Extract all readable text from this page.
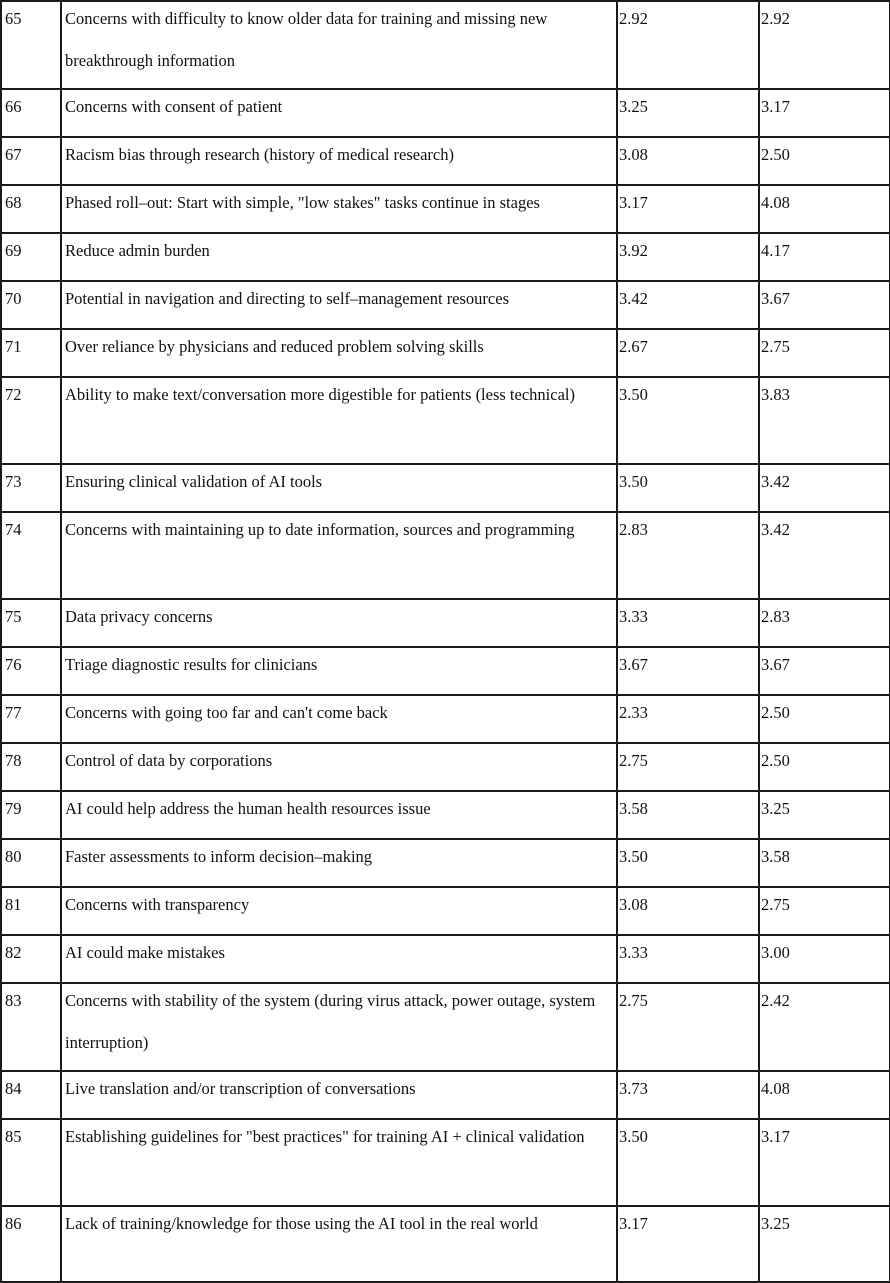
65	Concerns with difficulty to know older data for training and missing new breakthrough information	2.92	2.92

66	Concerns with consent of patient	3.25	3.17

67	Racism bias through research (history of medical research)	3.08	2.50

68	Phased roll–out: Start with simple, "low stakes" tasks continue in stages	3.17	4.08

69	Reduce admin burden	3.92	4.17

70	Potential in navigation and directing to self–management resources	3.42	3.67

71	Over reliance by physicians and reduced problem solving skills	2.67	2.75

72	Ability to make text/conversation more digestible for patients (less technical)	3.50	3.83

73	Ensuring clinical validation of AI tools	3.50	3.42

74	Concerns with maintaining up to date information, sources and programming	2.83	3.42

75	Data privacy concerns	3.33	2.83

76	Triage diagnostic results for clinicians	3.67	3.67

77	Concerns with going too far and can't come back	2.33	2.50

78	Control of data by corporations	2.75	2.50

79	AI could help address the human health resources issue	3.58	3.25

80	Faster assessments to inform decision–making	3.50	3.58

81	Concerns with transparency	3.08	2.75

82	AI could make mistakes	3.33	3.00

83	Concerns with stability of the system (during virus attack, power outage, system interruption)	2.75	2.42

84	Live translation and/or transcription of conversations	3.73	4.08

85	Establishing guidelines for "best practices" for training AI + clinical validation	3.50	3.17

86	Lack of training/knowledge for those using the AI tool in the real world	3.17	3.25
